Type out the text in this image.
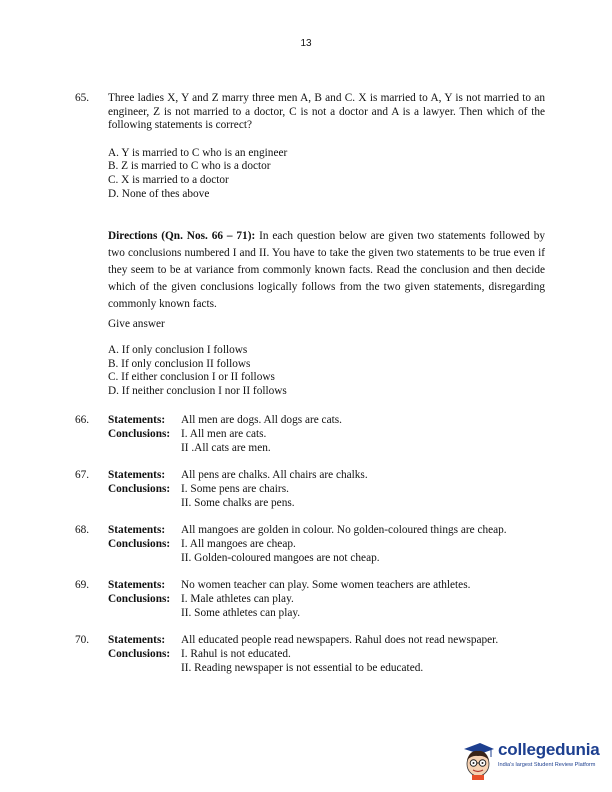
13
65. Three ladies X, Y and Z marry three men A, B and C. X is married to A, Y is not married to an engineer, Z is not married to a doctor, C is not a doctor and A is a lawyer. Then which of the following statements is correct?
A. Y is married to C who is an engineer
B. Z is married to C who is a doctor
C. X is married to a doctor
D. None of thes above
Directions (Qn. Nos. 66 – 71): In each question below are given two statements followed by two conclusions numbered I and II. You have to take the given two statements to be true even if they seem to be at variance from commonly known facts. Read the conclusion and then decide which of the given conclusions logically follows from the two given statements, disregarding commonly known facts.
Give answer
A. If only conclusion I follows
B. If only conclusion II follows
C. If either conclusion I or II follows
D. If neither conclusion I nor II follows
66. Statements:	All men are dogs. All dogs are cats.
Conclusions: I. All men are cats.
II .All cats are men.
67. Statements:	All pens are chalks. All chairs are chalks.
Conclusions: I. Some pens are chairs.
II. Some chalks are pens.
68. Statements:	All mangoes are golden in colour. No golden-coloured things are cheap.
Conclusions: I. All mangoes are cheap.
II. Golden-coloured mangoes are not cheap.
69. Statements:	No women teacher can play. Some women teachers are athletes.
Conclusions: I. Male athletes can play.
II. Some athletes can play.
70. Statements:	All educated people read newspapers. Rahul does not read newspaper.
Conclusions: I. Rahul is not educated.
II. Reading newspaper is not essential to be educated.
collegedunia
India's largest Student Review Platform
